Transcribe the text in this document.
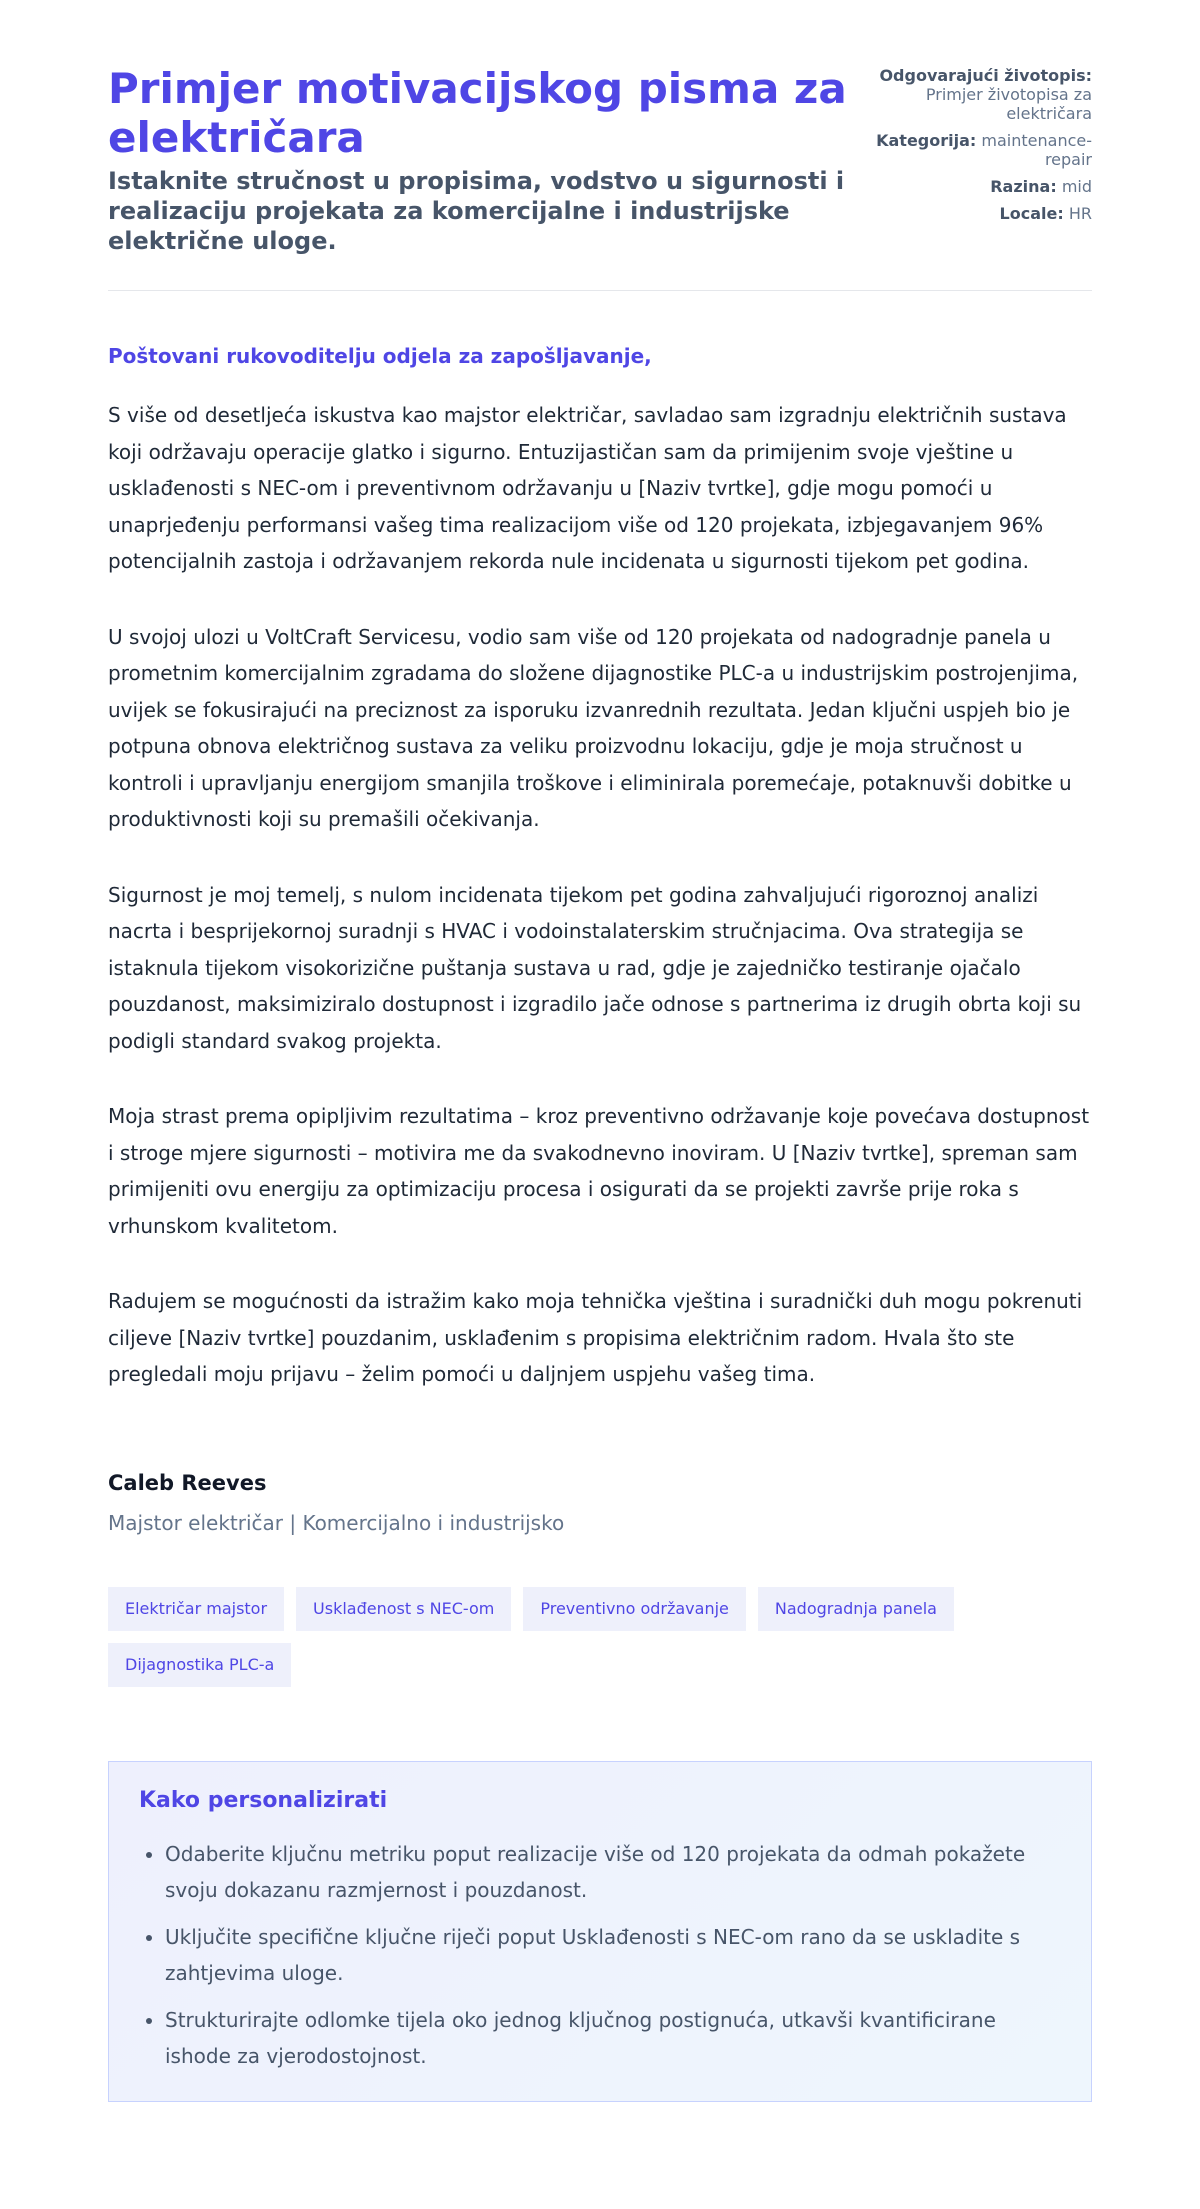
Primjer motivacijskog pisma za električara
Istaknite stručnost u propisima, vodstvo u sigurnosti i realizaciju projekata za komercijalne i industrijske električne uloge.
Odgovarajući životopis: Primjer životopisa za električara
Kategorija: maintenance-repair
Razina: mid
Locale: HR

Poštovani rukovoditelju odjela za zapošljavanje,

S više od desetljeća iskustva kao majstor električar, savladao sam izgradnju električnih sustava koji održavaju operacije glatko i sigurno. Entuzijastičan sam da primijenim svoje vještine u usklađenosti s NEC-om i preventivnom održavanju u [Naziv tvrtke], gdje mogu pomoći u unaprjeđenju performansi vašeg tima realizacijom više od 120 projekata, izbjegavanjem 96% potencijalnih zastoja i održavanjem rekorda nule incidenata u sigurnosti tijekom pet godina.

U svojoj ulozi u VoltCraft Servicesu, vodio sam više od 120 projekata od nadogradnje panela u prometnim komercijalnim zgradama do složene dijagnostike PLC-a u industrijskim postrojenjima, uvijek se fokusirajući na preciznost za isporuku izvanrednih rezultata. Jedan ključni uspjeh bio je potpuna obnova električnog sustava za veliku proizvodnu lokaciju, gdje je moja stručnost u kontroli i upravljanju energijom smanjila troškove i eliminirala poremećaje, potaknuvši dobitke u produktivnosti koji su premašili očekivanja.

Sigurnost je moj temelj, s nulom incidenata tijekom pet godina zahvaljujući rigoroznoj analizi nacrta i besprijekornoj suradnji s HVAC i vodoinstalaterskim stručnjacima. Ova strategija se istaknula tijekom visokorizične puštanja sustava u rad, gdje je zajedničko testiranje ojačalo pouzdanost, maksimiziralo dostupnost i izgradilo jače odnose s partnerima iz drugih obrta koji su podigli standard svakog projekta.

Moja strast prema opipljivim rezultatima – kroz preventivno održavanje koje povećava dostupnost i stroge mjere sigurnosti – motivira me da svakodnevno inoviram. U [Naziv tvrtke], spreman sam primijeniti ovu energiju za optimizaciju procesa i osigurati da se projekti završe prije roka s vrhunskom kvalitetom.

Radujem se mogućnosti da istražim kako moja tehnička vještina i suradnički duh mogu pokrenuti ciljeve [Naziv tvrtke] pouzdanim, usklađenim s propisima električnim radom. Hvala što ste pregledali moju prijavu – želim pomoći u daljnjem uspjehu vašeg tima.

Caleb Reeves
Majstor električar | Komercijalno i industrijsko
Električar majstor	Usklađenost s NEC-om	Preventivno održavanje	Nadogradnja panela
Dijagnostika PLC-a
Kako personalizirati
• Odaberite ključnu metriku poput realizacije više od 120 projekata da odmah pokažete svoju dokazanu razmjernost i pouzdanost.
• Uključite specifične ključne riječi poput Usklađenosti s NEC-om rano da se uskladite s zahtjevima uloge.
• Strukturirajte odlomke tijela oko jednog ključnog postignuća, utkavši kvantificirane ishode za vjerodostojnost.
